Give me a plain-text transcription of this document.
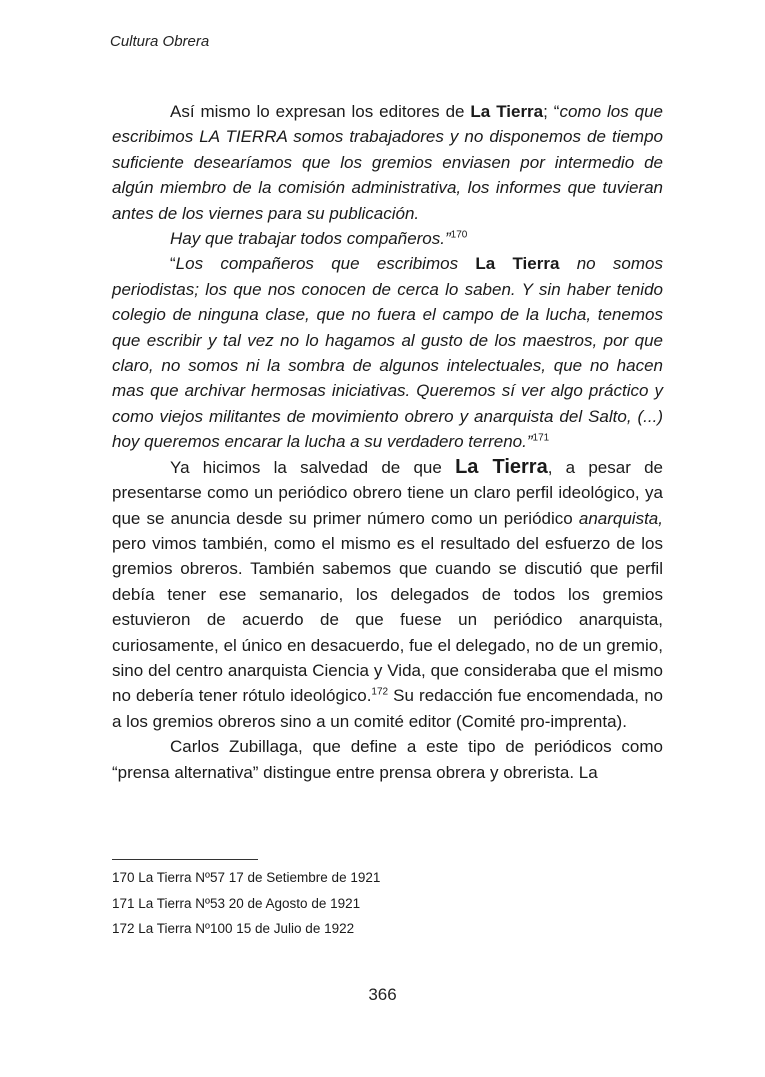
Cultura Obrera

Así mismo lo expresan los editores de La Tierra; “como los que escribimos LA TIERRA somos trabajadores y no disponemos de tiempo suficiente desearíamos que los gremios enviasen por intermedio de algún miembro de la comisión administrativa, los informes que tuvieran antes de los viernes para su publicación.

Hay que trabajar todos compañeros.”$^{170}$

“Los compañeros que escribimos La Tierra no somos periodistas; los que nos conocen de cerca lo saben. Y sin haber tenido colegio de ninguna clase, que no fuera el campo de la lucha, tenemos que escribir y tal vez no lo hagamos al gusto de los maestros, por que claro, no somos ni la sombra de algunos intelectuales, que no hacen mas que archivar hermosas iniciativas. Queremos sí ver algo práctico y como viejos militantes de movimiento obrero y anarquista del Salto, (...) hoy queremos encarar la lucha a su verdadero terreno.”$^{171}$

Ya hicimos la salvedad de que La Tierra, a pesar de presentarse como un periódico obrero tiene un claro perfil ideológico, ya que se anuncia desde su primer número como un periódico anarquista, pero vimos también, como el mismo es el resultado del esfuerzo de los gremios obreros. También sabemos que cuando se discutió que perfil debía tener ese semanario, los delegados de todos los gremios estuvieron de acuerdo de que fuese un periódico anarquista, curiosamente, el único en desacuerdo, fue el delegado, no de un gremio, sino del centro anarquista Ciencia y Vida, que consideraba que el mismo no debería tener rótulo ideológico.$^{172}$ Su redacción fue encomendada, no a los gremios obreros sino a un comité editor (Comité pro-imprenta).

Carlos Zubillaga, que define a este tipo de periódicos como “prensa alternativa” distingue entre prensa obrera y obrerista. La

170 La Tierra Nº57 17 de Setiembre de 1921

171 La Tierra Nº53 20 de Agosto de 1921

172 La Tierra Nº100 15 de Julio de 1922

366
